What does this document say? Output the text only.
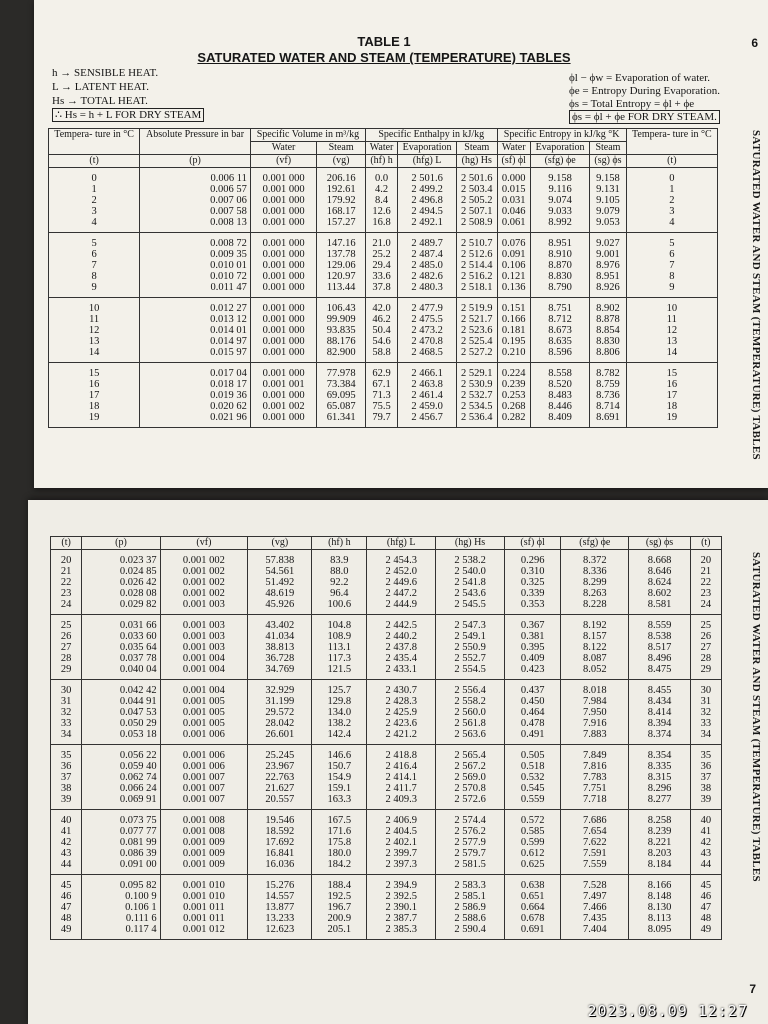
6
TABLE 1
SATURATED WATER AND STEAM (TEMPERATURE) TABLES
h → SENSIBLE HEAT.
L → LATENT HEAT.
Hs → TOTAL HEAT.
∴ Hs = h + L FOR DRY STEAM
ϕl − ϕw = Evaporation of water.
ϕe = Entropy During Evaporation.
ϕs = Total Entropy = ϕl + ϕe
ϕs = ϕl + ϕe FOR DRY STEAM.
SATURATED WATER AND STEAM (TEMPERATURE) TABLES
Tempera- ture in °C	Absolute Pressure in bar	Specific Volume in m³/kg		Specific Enthalpy in kJ/kg			Specific Entropy in kJ/kg °K			Tempera- ture in °C
		Water	Steam	Water	Evaporation	Steam	Water	Evaporation	Steam	
(t)	(p)	(vf)	(vg)	(hf) h	(hfg) L	(hg) Hs	(sf) ϕl	(sfg) ϕe	(sg) ϕs	(t)
0	0.006 11	0.001 000	206.16	0.0	2 501.6	2 501.6	0.000	9.158	9.158	0
1	0.006 57	0.001 000	192.61	4.2	2 499.2	2 503.4	0.015	9.116	9.131	1
2	0.007 06	0.001 000	179.92	8.4	2 496.8	2 505.2	0.031	9.074	9.105	2
3	0.007 58	0.001 000	168.17	12.6	2 494.5	2 507.1	0.046	9.033	9.079	3
4	0.008 13	0.001 000	157.27	16.8	2 492.1	2 508.9	0.061	8.992	9.053	4
5	0.008 72	0.001 000	147.16	21.0	2 489.7	2 510.7	0.076	8.951	9.027	5
6	0.009 35	0.001 000	137.78	25.2	2 487.4	2 512.6	0.091	8.910	9.001	6
7	0.010 01	0.001 000	129.06	29.4	2 485.0	2 514.4	0.106	8.870	8.976	7
8	0.010 72	0.001 000	120.97	33.6	2 482.6	2 516.2	0.121	8.830	8.951	8
9	0.011 47	0.001 000	113.44	37.8	2 480.3	2 518.1	0.136	8.790	8.926	9
10	0.012 27	0.001 000	106.43	42.0	2 477.9	2 519.9	0.151	8.751	8.902	10
11	0.013 12	0.001 000	99.909	46.2	2 475.5	2 521.7	0.166	8.712	8.878	11
12	0.014 01	0.001 000	93.835	50.4	2 473.2	2 523.6	0.181	8.673	8.854	12
13	0.014 97	0.001 000	88.176	54.6	2 470.8	2 525.4	0.195	8.635	8.830	13
14	0.015 97	0.001 000	82.900	58.8	2 468.5	2 527.2	0.210	8.596	8.806	14
15	0.017 04	0.001 000	77.978	62.9	2 466.1	2 529.1	0.224	8.558	8.782	15
16	0.018 17	0.001 001	73.384	67.1	2 463.8	2 530.9	0.239	8.520	8.759	16
17	0.019 36	0.001 000	69.095	71.3	2 461.4	2 532.7	0.253	8.483	8.736	17
18	0.020 62	0.001 002	65.087	75.5	2 459.0	2 534.5	0.268	8.446	8.714	18
19	0.021 96	0.001 000	61.341	79.7	2 456.7	2 536.4	0.282	8.409	8.691	19
SATURATED WATER AND STEAM (TEMPERATURE) TABLES
7
(t)	(p)	(vf)	(vg)	(hf) h	(hfg) L	(hg) Hs	(sf) ϕl	(sfg) ϕe	(sg) ϕs	(t)
20	0.023 37	0.001 002	57.838	83.9	2 454.3	2 538.2	0.296	8.372	8.668	20
21	0.024 85	0.001 002	54.561	88.0	2 452.0	2 540.0	0.310	8.336	8.646	21
22	0.026 42	0.001 002	51.492	92.2	2 449.6	2 541.8	0.325	8.299	8.624	22
23	0.028 08	0.001 002	48.619	96.4	2 447.2	2 543.6	0.339	8.263	8.602	23
24	0.029 82	0.001 003	45.926	100.6	2 444.9	2 545.5	0.353	8.228	8.581	24
25	0.031 66	0.001 003	43.402	104.8	2 442.5	2 547.3	0.367	8.192	8.559	25
26	0.033 60	0.001 003	41.034	108.9	2 440.2	2 549.1	0.381	8.157	8.538	26
27	0.035 64	0.001 003	38.813	113.1	2 437.8	2 550.9	0.395	8.122	8.517	27
28	0.037 78	0.001 004	36.728	117.3	2 435.4	2 552.7	0.409	8.087	8.496	28
29	0.040 04	0.001 004	34.769	121.5	2 433.1	2 554.5	0.423	8.052	8.475	29
30	0.042 42	0.001 004	32.929	125.7	2 430.7	2 556.4	0.437	8.018	8.455	30
31	0.044 91	0.001 005	31.199	129.8	2 428.3	2 558.2	0.450	7.984	8.434	31
32	0.047 53	0.001 005	29.572	134.0	2 425.9	2 560.0	0.464	7.950	8.414	32
33	0.050 29	0.001 005	28.042	138.2	2 423.6	2 561.8	0.478	7.916	8.394	33
34	0.053 18	0.001 006	26.601	142.4	2 421.2	2 563.6	0.491	7.883	8.374	34
35	0.056 22	0.001 006	25.245	146.6	2 418.8	2 565.4	0.505	7.849	8.354	35
36	0.059 40	0.001 006	23.967	150.7	2 416.4	2 567.2	0.518	7.816	8.335	36
37	0.062 74	0.001 007	22.763	154.9	2 414.1	2 569.0	0.532	7.783	8.315	37
38	0.066 24	0.001 007	21.627	159.1	2 411.7	2 570.8	0.545	7.751	8.296	38
39	0.069 91	0.001 007	20.557	163.3	2 409.3	2 572.6	0.559	7.718	8.277	39
40	0.073 75	0.001 008	19.546	167.5	2 406.9	2 574.4	0.572	7.686	8.258	40
41	0.077 77	0.001 008	18.592	171.6	2 404.5	2 576.2	0.585	7.654	8.239	41
42	0.081 99	0.001 009	17.692	175.8	2 402.1	2 577.9	0.599	7.622	8.221	42
43	0.086 39	0.001 009	16.841	180.0	2 399.7	2 579.7	0.612	7.591	8.203	43
44	0.091 00	0.001 009	16.036	184.2	2 397.3	2 581.5	0.625	7.559	8.184	44
45	0.095 82	0.001 010	15.276	188.4	2 394.9	2 583.3	0.638	7.528	8.166	45
46	0.100 9	0.001 010	14.557	192.5	2 392.5	2 585.1	0.651	7.497	8.148	46
47	0.106 1	0.001 011	13.877	196.7	2 390.1	2 586.9	0.664	7.466	8.130	47
48	0.111 6	0.001 011	13.233	200.9	2 387.7	2 588.6	0.678	7.435	8.113	48
49	0.117 4	0.001 012	12.623	205.1	2 385.3	2 590.4	0.691	7.404	8.095	49
2023.08.09 12:27
